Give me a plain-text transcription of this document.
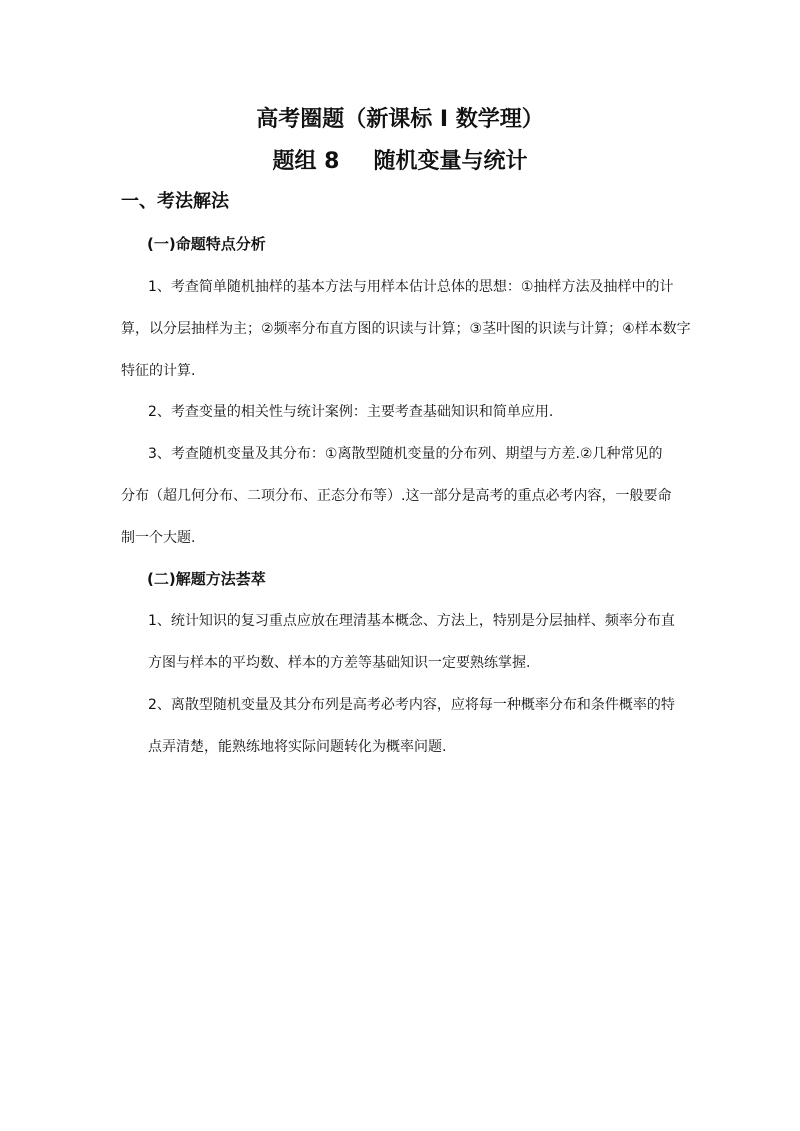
高考圈题（新课标 I 数学理）
题组 8 随机变量与统计
一、考法解法
(一)命题特点分析
1、考查简单随机抽样的基本方法与用样本估计总体的思想：①抽样方法及抽样中的计
算，以分层抽样为主；②频率分布直方图的识读与计算；③茎叶图的识读与计算；④样本数字
特征的计算.
2、考查变量的相关性与统计案例：主要考查基础知识和简单应用.
3、考查随机变量及其分布：①离散型随机变量的分布列、期望与方差.②几种常见的
分布（超几何分布、二项分布、正态分布等）.这一部分是高考的重点必考内容，一般要命
制一个大题.
(二)解题方法荟萃
1、统计知识的复习重点应放在理清基本概念、方法上，特别是分层抽样、频率分布直
方图与样本的平均数、样本的方差等基础知识一定要熟练掌握.
2、离散型随机变量及其分布列是高考必考内容，应将每一种概率分布和条件概率的特
点弄清楚，能熟练地将实际问题转化为概率问题.
